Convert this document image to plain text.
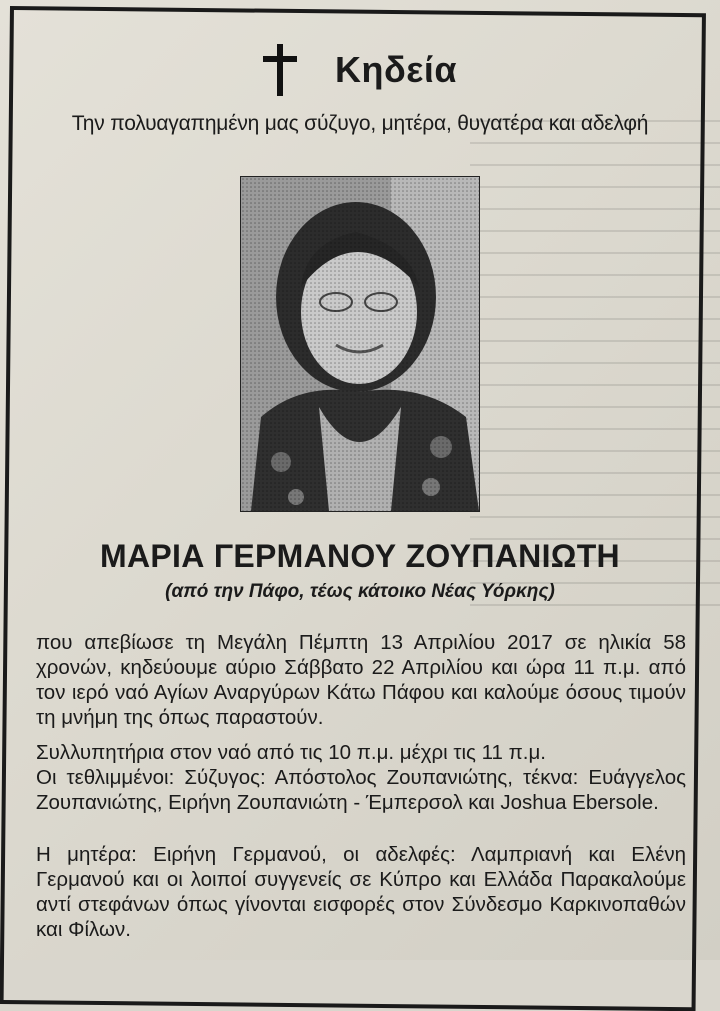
Κηδεία
Την πολυαγαπημένη μας σύζυγο, μητέρα, θυγατέρα και αδελφή
ΜΑΡΙΑ ΓΕΡΜΑΝΟΥ ΖΟΥΠΑΝΙΩΤΗ
(από την Πάφο, τέως κάτοικο Νέας Υόρκης)
που απεβίωσε τη Μεγάλη Πέμπτη 13 Απριλίου 2017 σε ηλικία 58 χρονών, κηδεύουμε αύριο Σάββατο 22 Απριλίου και ώρα 11 π.μ. από τον ιερό ναό Αγίων Αναργύρων Κάτω Πάφου και καλούμε όσους τιμούν τη μνήμη της όπως παραστούν.
Συλλυπητήρια στον ναό από τις 10 π.μ. μέχρι τις 11 π.μ.
Οι τεθλιμμένοι: Σύζυγος: Απόστολος Ζουπανιώτης, τέκνα: Ευάγγελος Ζουπανιώτης, Ειρήνη Ζουπανιώτη - Έμπερσολ και Joshua Ebersole.
Η μητέρα: Ειρήνη Γερμανού, οι αδελφές: Λαμπριανή και Ελένη Γερμανού και οι λοιποί συγγενείς σε Κύπρο και Ελλάδα Παρακαλούμε αντί στεφάνων όπως γίνονται εισφορές στον Σύνδεσμο Καρκινοπαθών και Φίλων.
